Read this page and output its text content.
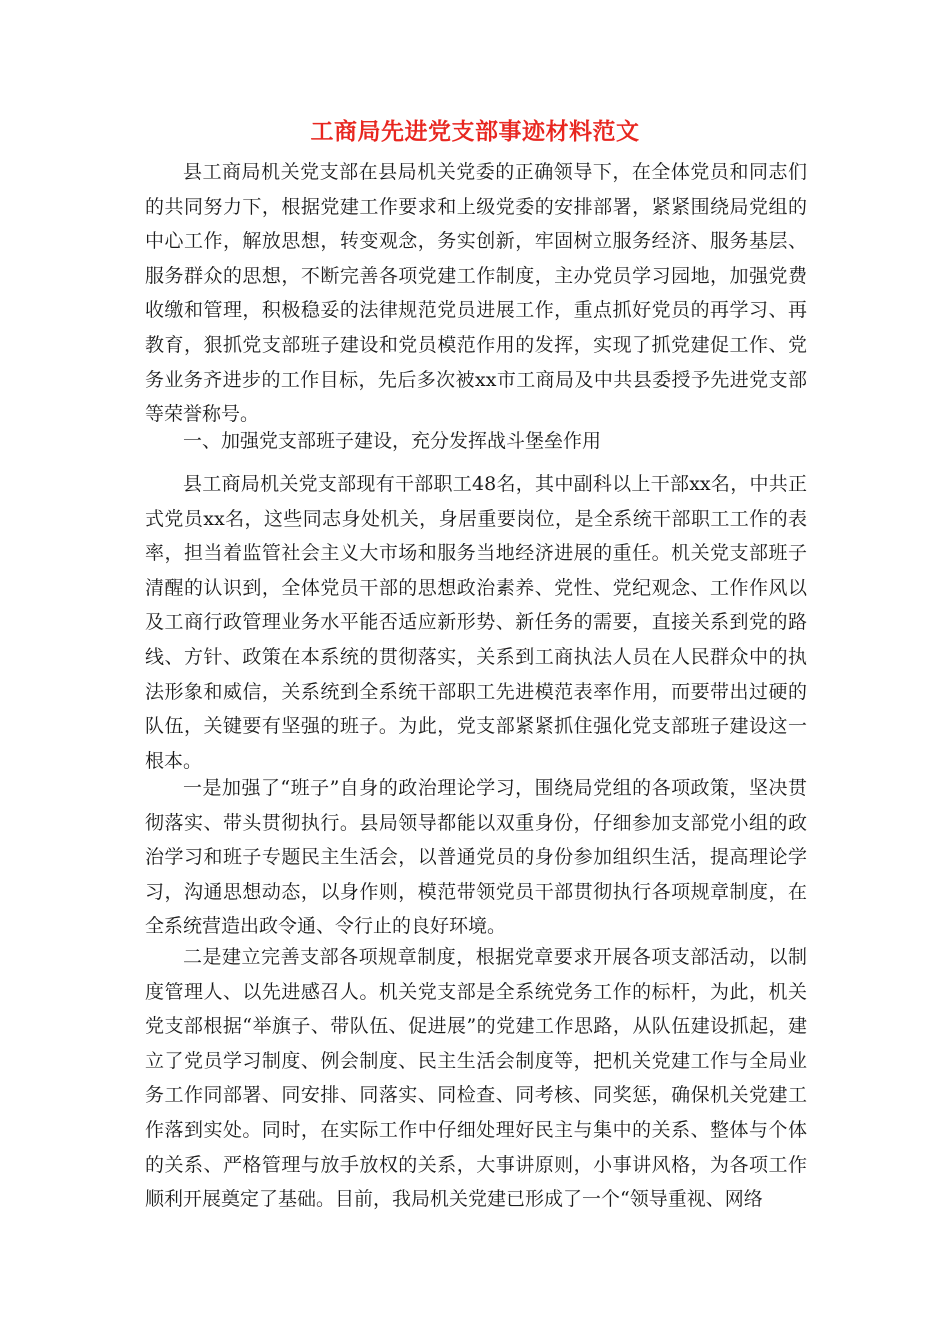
工商局先进党支部事迹材料范文

县工商局机关党支部在县局机关党委的正确领导下，在全体党员和同志们的共同努力下，根据党建工作要求和上级党委的安排部署，紧紧围绕局党组的中心工作，解放思想，转变观念，务实创新，牢固树立服务经济、服务基层、服务群众的思想，不断完善各项党建工作制度，主办党员学习园地，加强党费收缴和管理，积极稳妥的法律规范党员进展工作，重点抓好党员的再学习、再教育，狠抓党支部班子建设和党员模范作用的发挥，实现了抓党建促工作、党务业务齐进步的工作目标，先后多次被xx市工商局及中共县委授予先进党支部等荣誉称号。

一、加强党支部班子建设，充分发挥战斗堡垒作用

县工商局机关党支部现有干部职工48名，其中副科以上干部xx名，中共正式党员xx名，这些同志身处机关，身居重要岗位，是全系统干部职工工作的表率，担当着监管社会主义大市场和服务当地经济进展的重任。机关党支部班子清醒的认识到，全体党员干部的思想政治素养、党性、党纪观念、工作作风以及工商行政管理业务水平能否适应新形势、新任务的需要，直接关系到党的路线、方针、政策在本系统的贯彻落实，关系到工商执法人员在人民群众中的执法形象和威信，关系统到全系统干部职工先进模范表率作用，而要带出过硬的队伍，关键要有坚强的班子。为此，党支部紧紧抓住强化党支部班子建设这一根本。

一是加强了“班子”自身的政治理论学习，围绕局党组的各项政策，坚决贯彻落实、带头贯彻执行。县局领导都能以双重身份，仔细参加支部党小组的政治学习和班子专题民主生活会，以普通党员的身份参加组织生活，提高理论学习，沟通思想动态，以身作则，模范带领党员干部贯彻执行各项规章制度，在全系统营造出政令通、令行止的良好环境。

二是建立完善支部各项规章制度，根据党章要求开展各项支部活动，以制度管理人、以先进感召人。机关党支部是全系统党务工作的标杆，为此，机关党支部根据“举旗子、带队伍、促进展”的党建工作思路，从队伍建设抓起，建立了党员学习制度、例会制度、民主生活会制度等，把机关党建工作与全局业务工作同部署、同安排、同落实、同检查、同考核、同奖惩，确保机关党建工作落到实处。同时，在实际工作中仔细处理好民主与集中的关系、整体与个体的关系、严格管理与放手放权的关系，大事讲原则，小事讲风格，为各项工作顺利开展奠定了基础。目前，我局机关党建已形成了一个“领导重视、网络
